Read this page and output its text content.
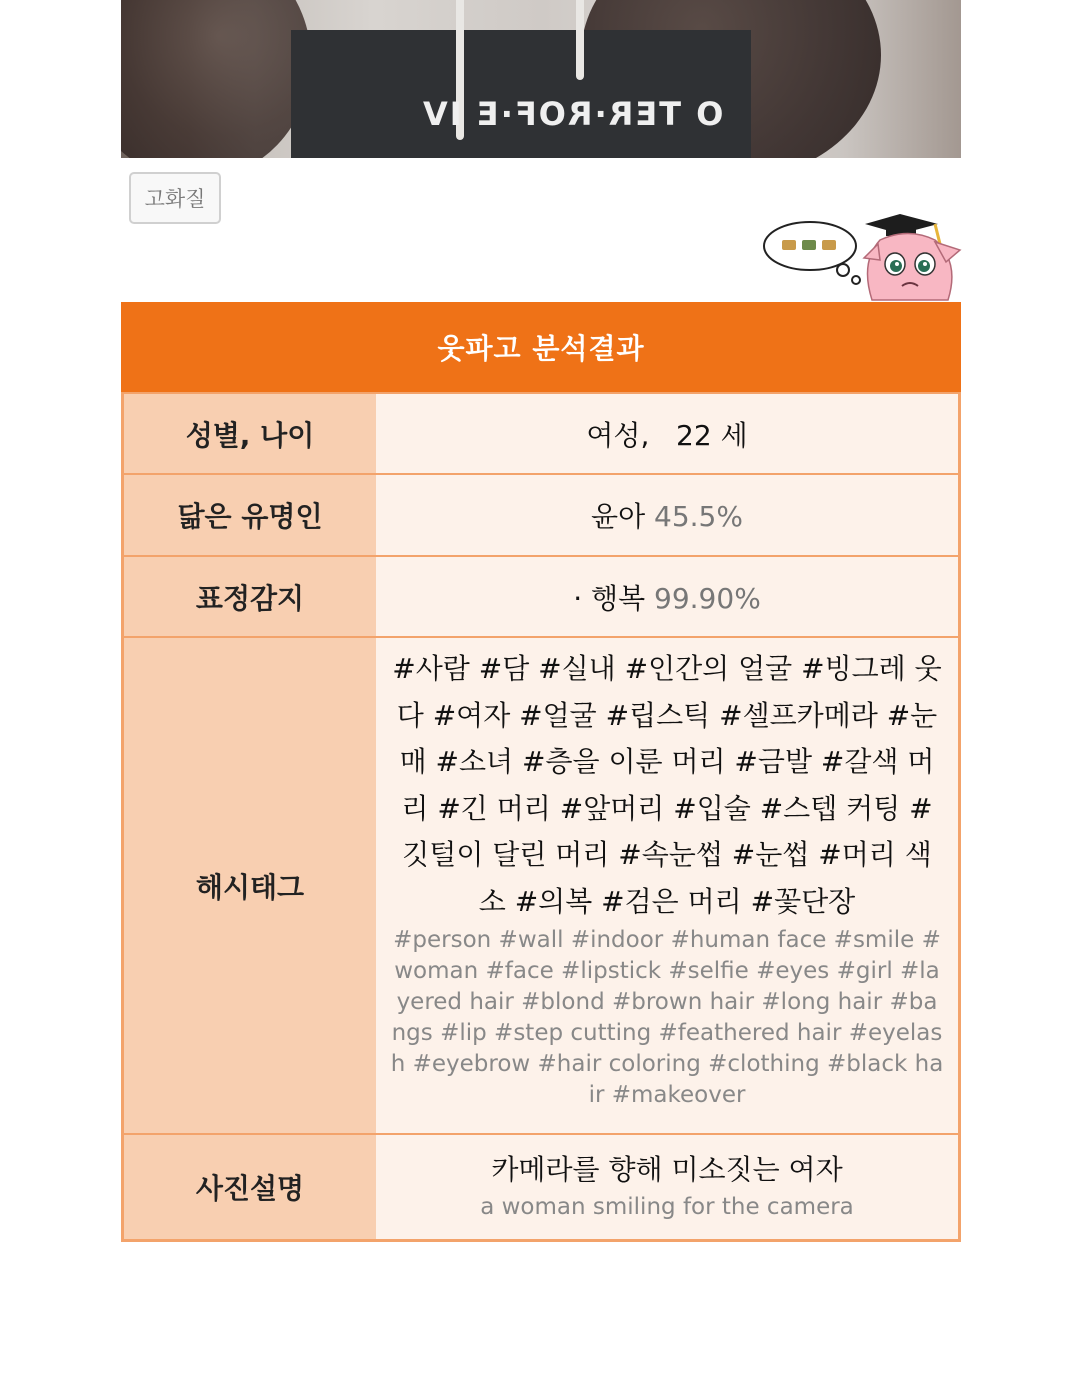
O TER·ROF·E IV
고화질
웃파고 분석결과
성별, 나이	여성,   22 세
닮은 유명인	윤아 45.5%
표정감지	· 행복 99.90%
해시태그	#사람 #담 #실내 #인간의 얼굴 #빙그레 웃다 #여자 #얼굴 #립스틱 #셀프카메라 #눈매 #소녀 #층을 이룬 머리 #금발 #갈색 머리 #긴 머리 #앞머리 #입술 #스텝 커팅 #깃털이 달린 머리 #속눈썹 #눈썹 #머리 색소 #의복 #검은 머리 #꽃단장
#person #wall #indoor #human face #smile #woman #face #lipstick #selfie #eyes #girl #layered hair #blond #brown hair #long hair #bangs #lip #step cutting #feathered hair #eyelash #eyebrow #hair coloring #clothing #black hair #makeover

사진설명	카메라를 향해 미소짓는 여자
a woman smiling for the camera
